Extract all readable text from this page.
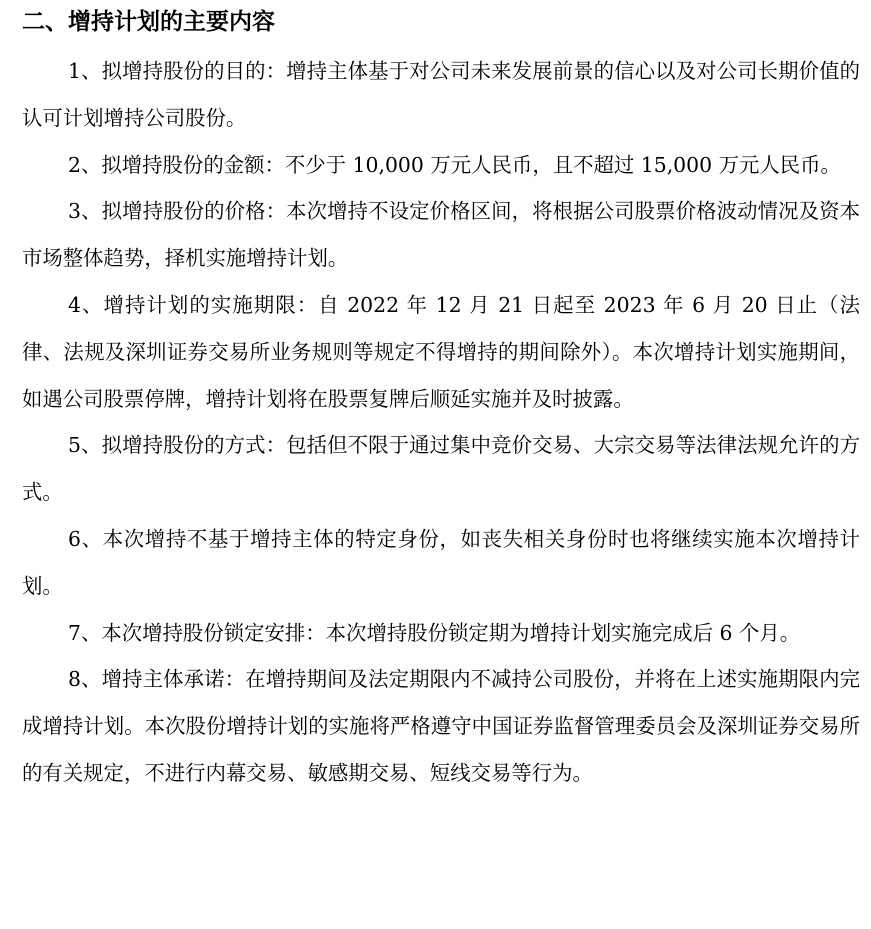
二、增持计划的主要内容

1、拟增持股份的目的：增持主体基于对公司未来发展前景的信心以及对公司长期价值的认可计划增持公司股份。

2、拟增持股份的金额：不少于 10,000 万元人民币，且不超过 15,000 万元人民币。

3、拟增持股份的价格：本次增持不设定价格区间，将根据公司股票价格波动情况及资本市场整体趋势，择机实施增持计划。

4、增持计划的实施期限：自 2022 年 12 月 21 日起至 2023 年 6 月 20 日止（法律、法规及深圳证券交易所业务规则等规定不得增持的期间除外）。本次增持计划实施期间，如遇公司股票停牌，增持计划将在股票复牌后顺延实施并及时披露。

5、拟增持股份的方式：包括但不限于通过集中竞价交易、大宗交易等法律法规允许的方式。

6、本次增持不基于增持主体的特定身份，如丧失相关身份时也将继续实施本次增持计划。

7、本次增持股份锁定安排：本次增持股份锁定期为增持计划实施完成后 6 个月。

8、增持主体承诺：在增持期间及法定期限内不减持公司股份，并将在上述实施期限内完成增持计划。本次股份增持计划的实施将严格遵守中国证券监督管理委员会及深圳证券交易所的有关规定，不进行内幕交易、敏感期交易、短线交易等行为。
